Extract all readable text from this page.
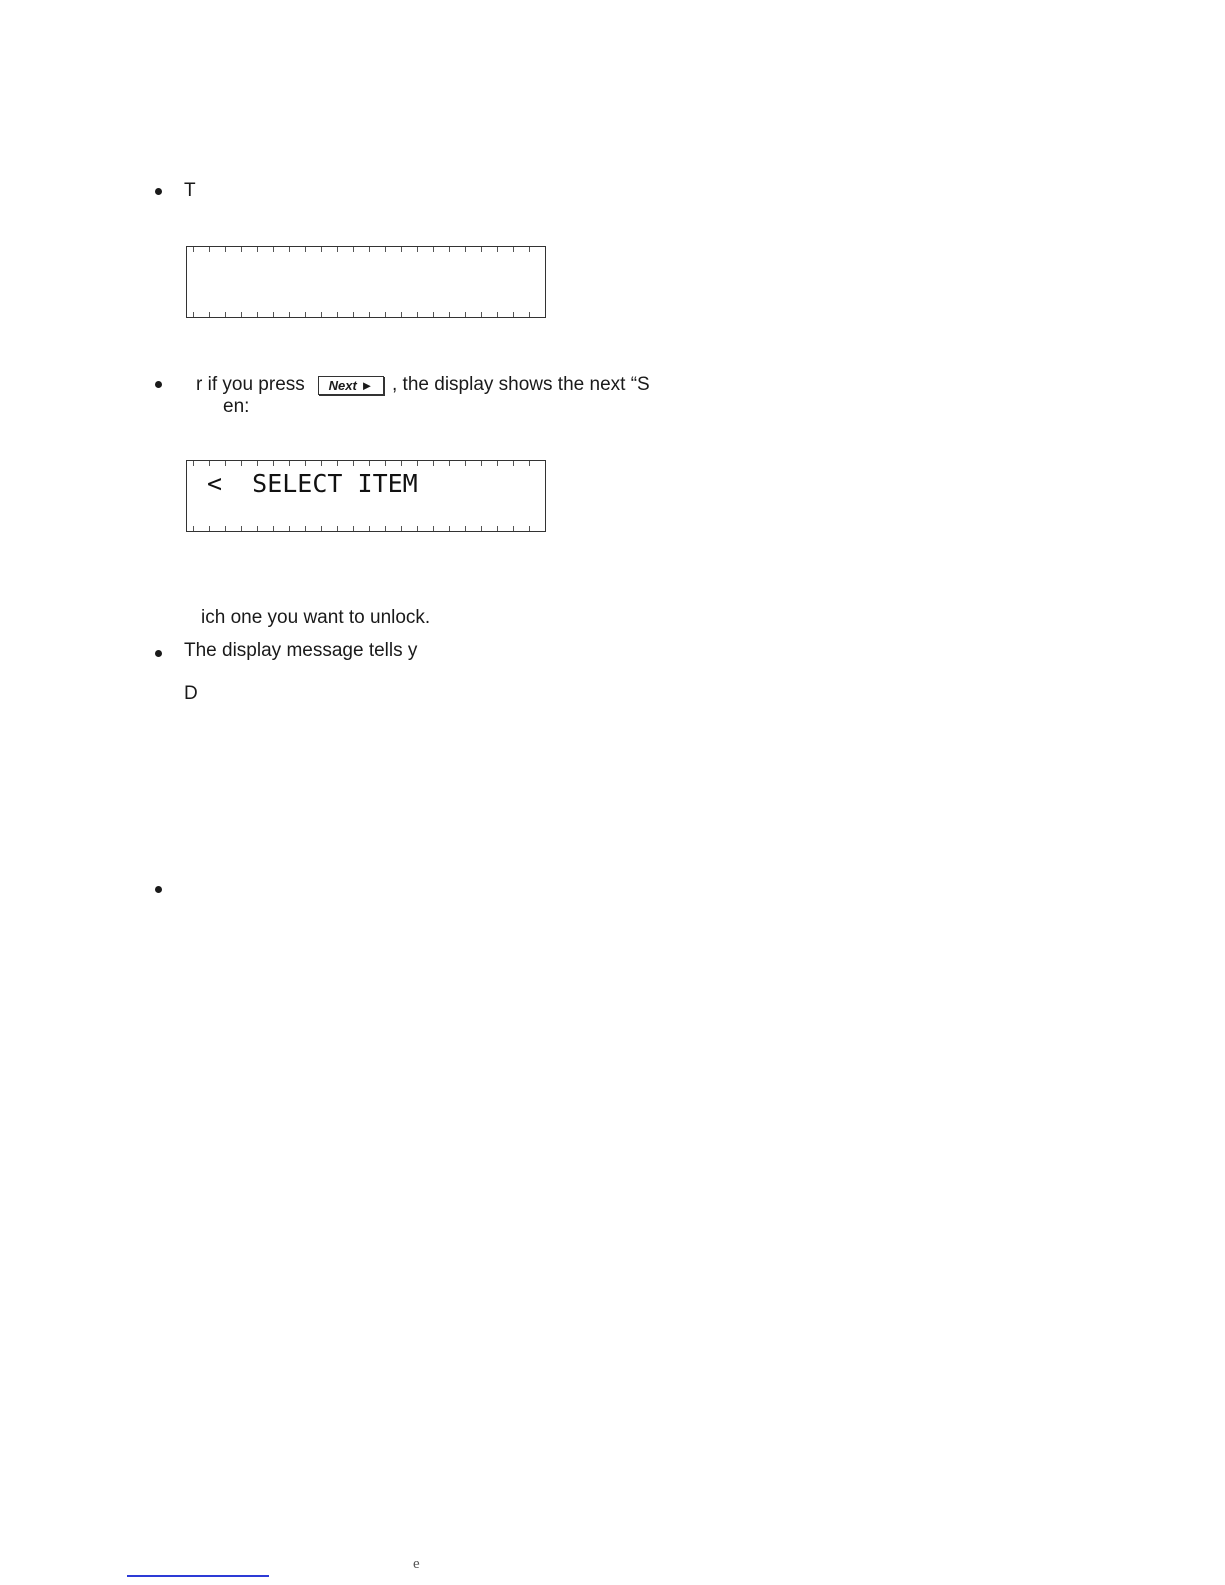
T
r if you press	Next ► , the display shows the next “S
en:
<  SELECT ITEM
ich one you want to unlock.
The display message tells y
D
e
